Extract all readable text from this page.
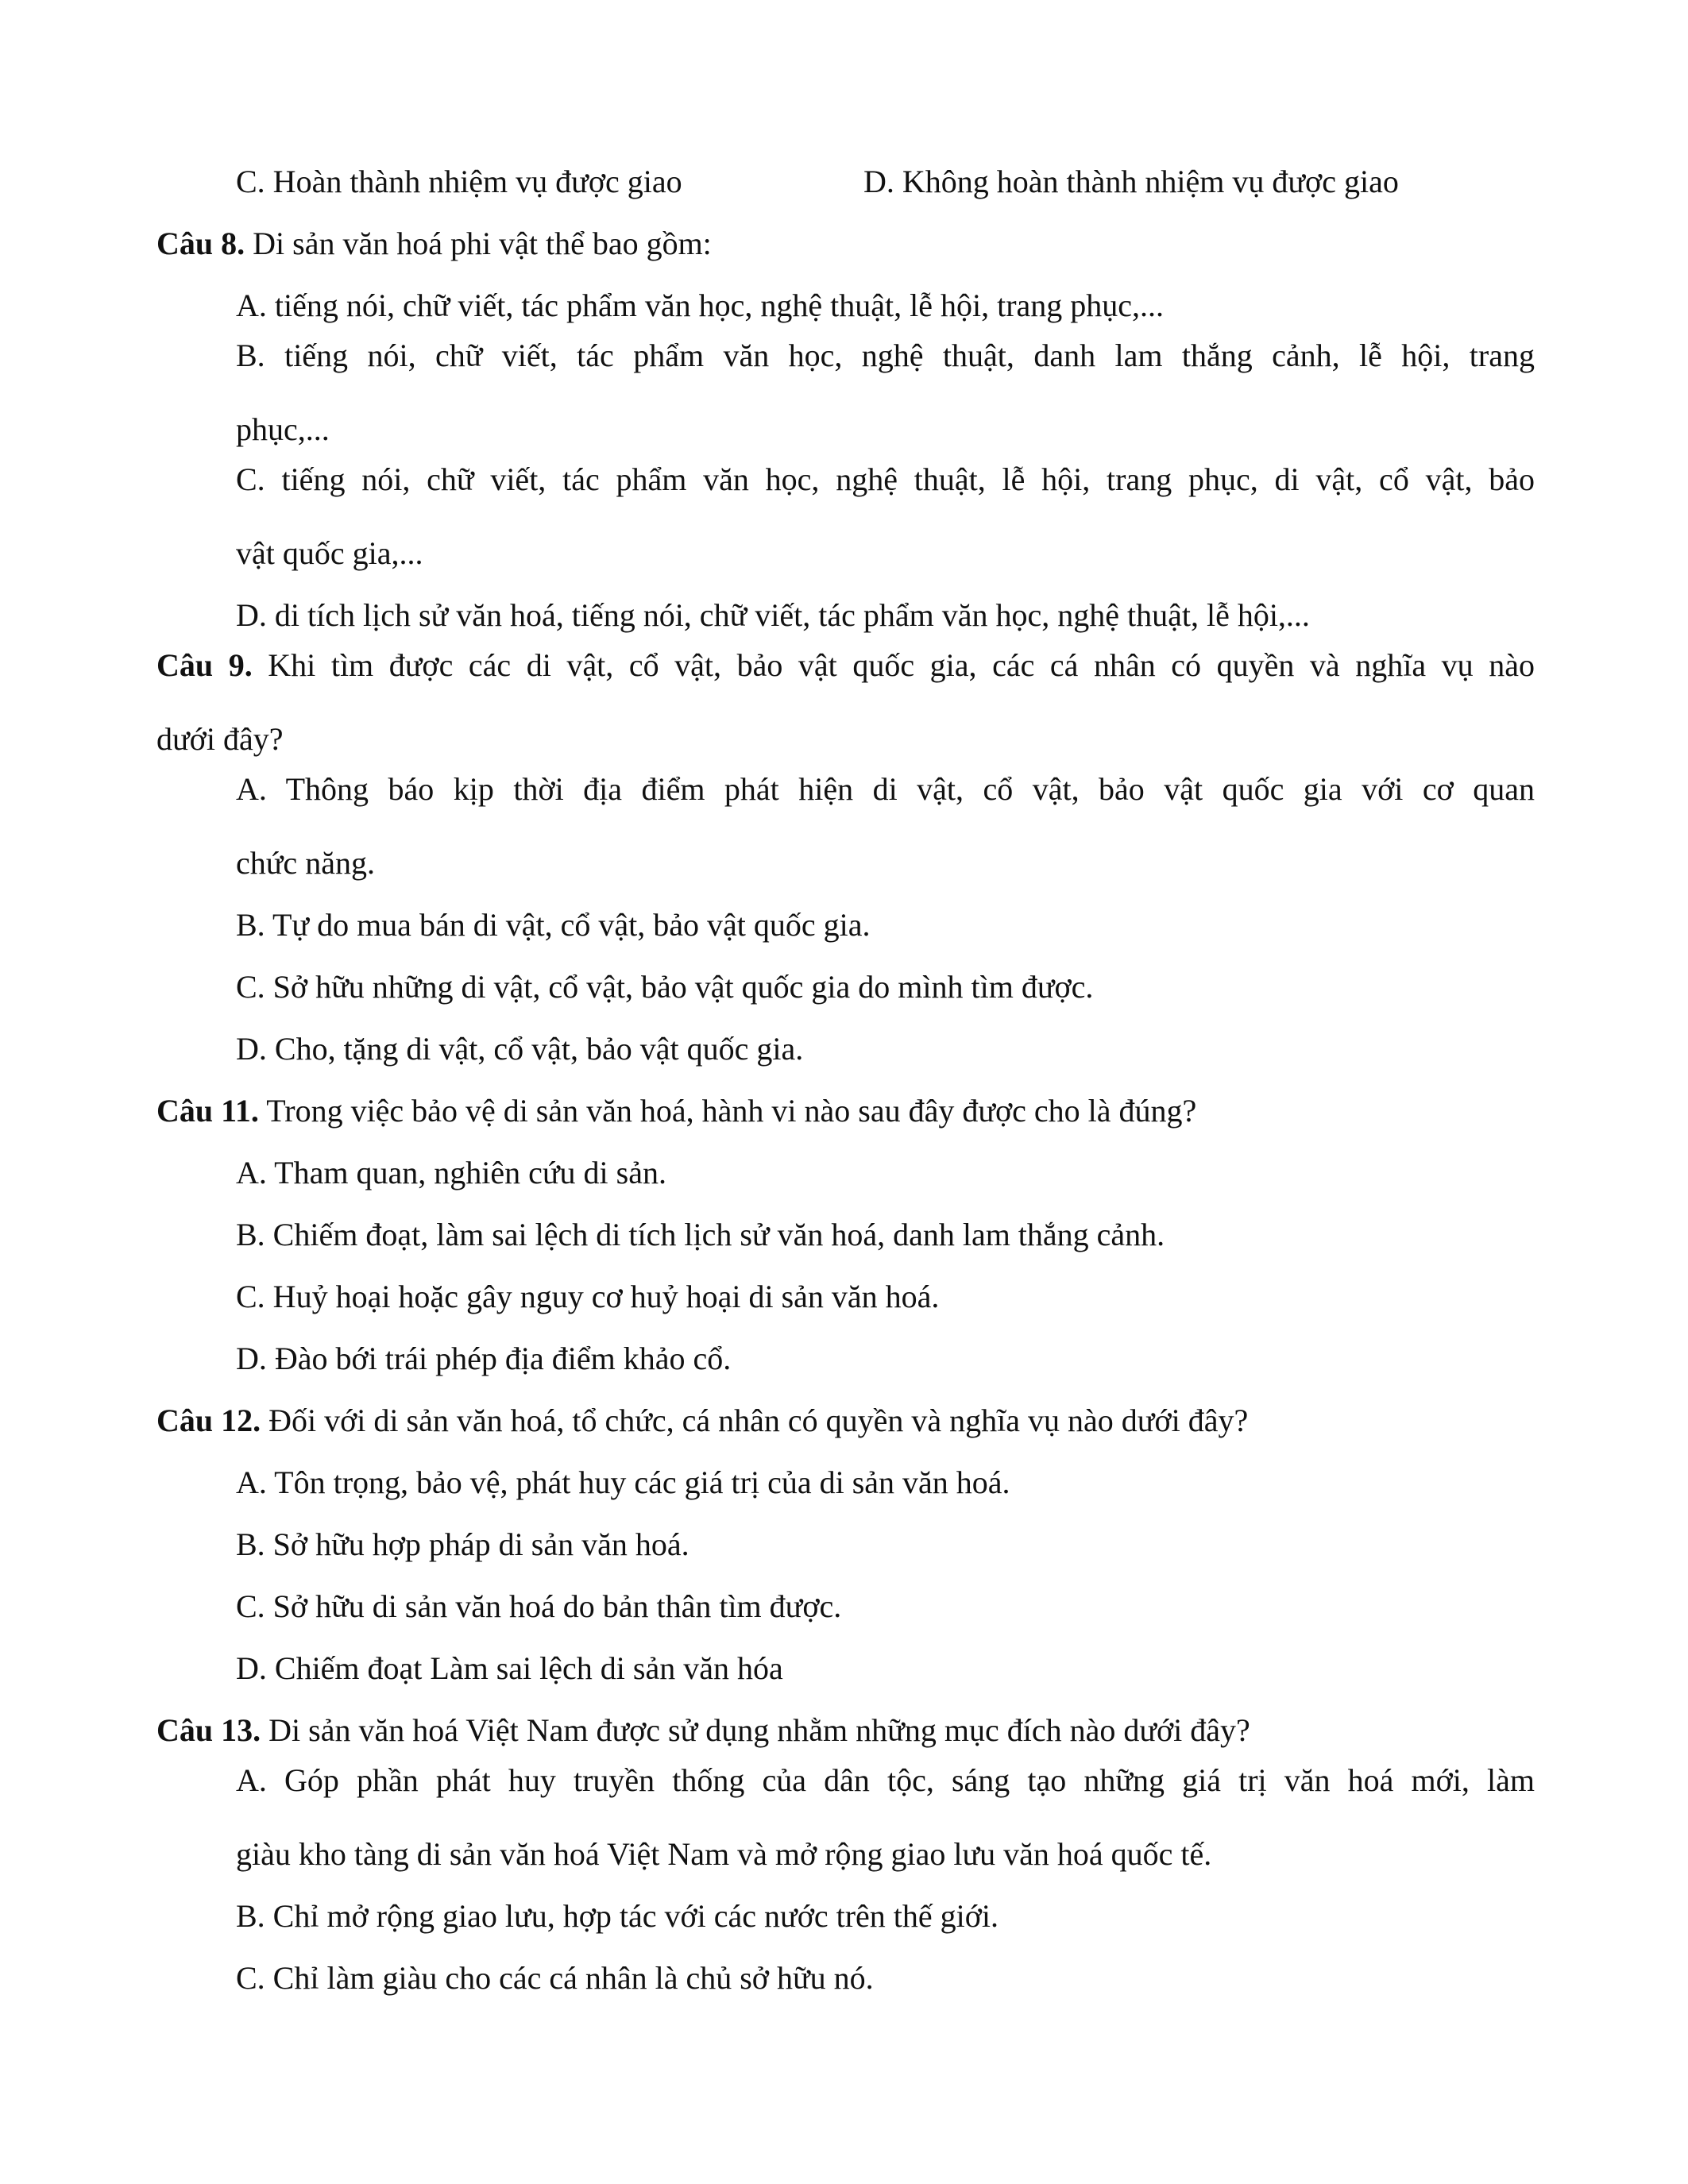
C. Hoàn thành nhiệm vụ được giao	D. Không hoàn thành nhiệm vụ được giao
Câu 8. Di sản văn hoá phi vật thể bao gồm:
A. tiếng nói, chữ viết, tác phẩm văn học, nghệ thuật, lễ hội, trang phục,...
B. tiếng nói, chữ viết, tác phẩm văn học, nghệ thuật, danh lam thắng cảnh, lễ hội, trang
phục,...
C. tiếng nói, chữ viết, tác phẩm văn học, nghệ thuật, lễ hội, trang phục, di vật, cổ vật, bảo
vật quốc gia,...
D. di tích lịch sử văn hoá, tiếng nói, chữ viết, tác phẩm văn học, nghệ thuật, lễ hội,...
Câu 9. Khi tìm được các di vật, cổ vật, bảo vật quốc gia, các cá nhân có quyền và nghĩa vụ nào
dưới đây?
A. Thông báo kịp thời địa điểm phát hiện di vật, cổ vật, bảo vật quốc gia với cơ quan
chức năng.
B. Tự do mua bán di vật, cổ vật, bảo vật quốc gia.
C. Sở hữu những di vật, cổ vật, bảo vật quốc gia do mình tìm được.
D. Cho, tặng di vật, cổ vật, bảo vật quốc gia.
Câu 11. Trong việc bảo vệ di sản văn hoá, hành vi nào sau đây được cho là đúng?
A. Tham quan, nghiên cứu di sản.
B. Chiếm đoạt, làm sai lệch di tích lịch sử văn hoá, danh lam thắng cảnh.
C. Huỷ hoại hoặc gây nguy cơ huỷ hoại di sản văn hoá.
D. Đào bới trái phép địa điểm khảo cổ.
Câu 12. Đối với di sản văn hoá, tổ chức, cá nhân có quyền và nghĩa vụ nào dưới đây?
A. Tôn trọng, bảo vệ, phát huy các giá trị của di sản văn hoá.
B. Sở hữu hợp pháp di sản văn hoá.
C. Sở hữu di sản văn hoá do bản thân tìm được.
D. Chiếm đoạt Làm sai lệch di sản văn hóa
Câu 13. Di sản văn hoá Việt Nam được sử dụng nhằm những mục đích nào dưới đây?
A. Góp phần phát huy truyền thống của dân tộc, sáng tạo những giá trị văn hoá mới, làm
giàu kho tàng di sản văn hoá Việt Nam và mở rộng giao lưu văn hoá quốc tế.
B. Chỉ mở rộng giao lưu, hợp tác với các nước trên thế giới.
C. Chỉ làm giàu cho các cá nhân là chủ sở hữu nó.
